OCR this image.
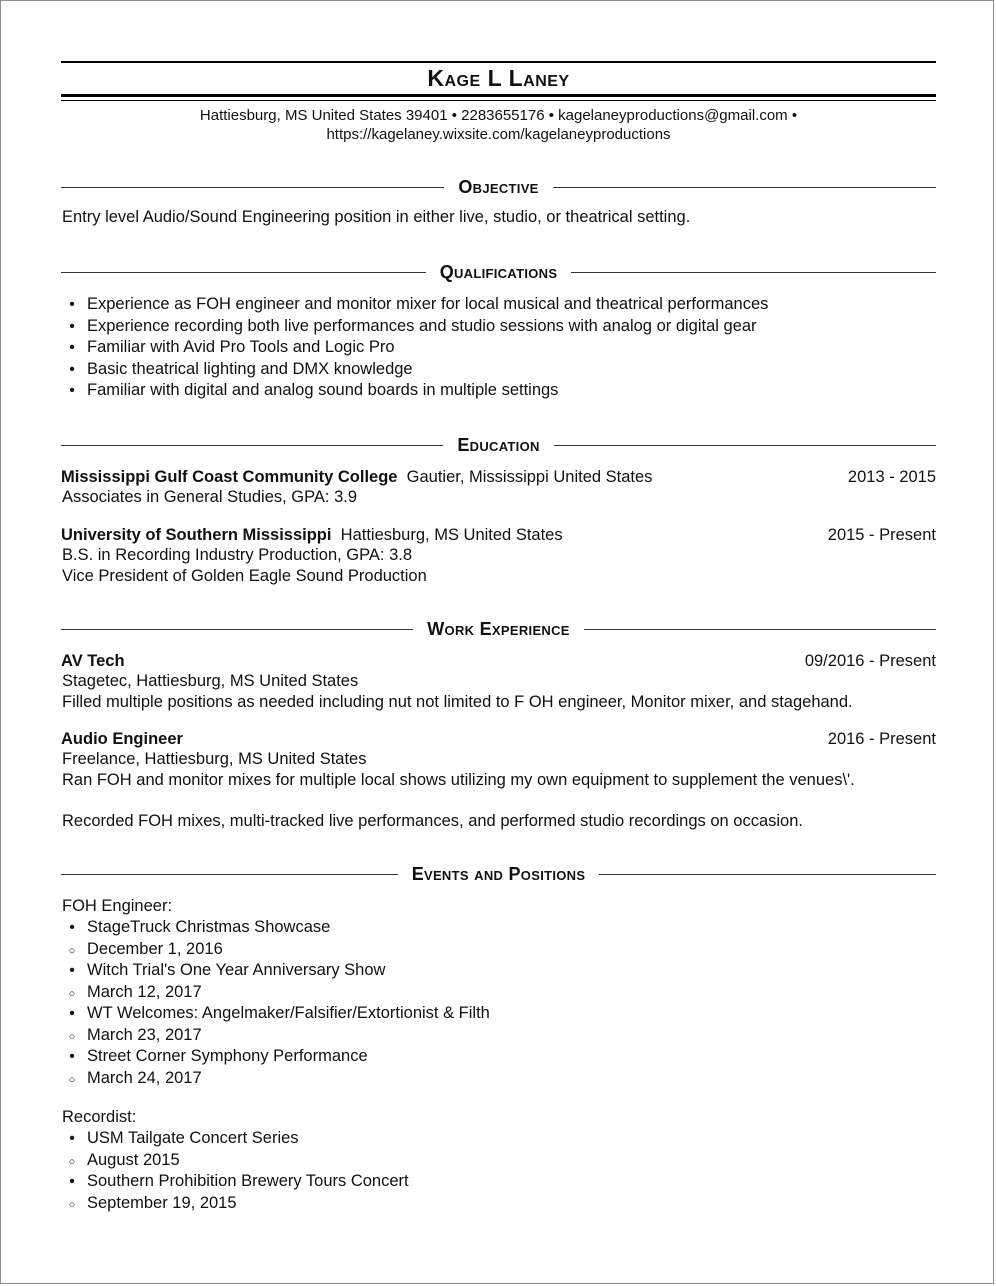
Kage L Laney
Hattiesburg, MS United States 39401 • 2283655176 • kagelaneyproductions@gmail.com •
https://kagelaney.wixsite.com/kagelaneyproductions
Objective
Entry level Audio/Sound Engineering position in either live, studio, or theatrical setting.
Qualifications
•
Experience as FOH engineer and monitor mixer for local musical and theatrical performances
•
Experience recording both live performances and studio sessions with analog or digital gear
•
Familiar with Avid Pro Tools and Logic Pro
•
Basic theatrical lighting and DMX knowledge
•
Familiar with digital and analog sound boards in multiple settings
Education
Mississippi Gulf Coast Community College Gautier, Mississippi United States	2013 - 2015
Associates in General Studies, GPA: 3.9
University of Southern Mississippi Hattiesburg, MS United States	2015 - Present
B.S. in Recording Industry Production, GPA: 3.8
Vice President of Golden Eagle Sound Production
Work Experience
AV Tech	09/2016 - Present
Stagetec, Hattiesburg, MS United States
Filled multiple positions as needed including nut not limited to F OH engineer, Monitor mixer, and stagehand.
Audio Engineer	2016 - Present
Freelance, Hattiesburg, MS United States
Ran FOH and monitor mixes for multiple local shows utilizing my own equipment to supplement the venues\'.
Recorded FOH mixes, multi-tracked live performances, and performed studio recordings on occasion.
Events and Positions
FOH Engineer:
•
StageTruck Christmas Showcase
○
December 1, 2016
•
Witch Trial's One Year Anniversary Show
○
March 12, 2017
•
WT Welcomes: Angelmaker/Falsifier/Extortionist & Filth
○
March 23, 2017
•
Street Corner Symphony Performance
○
March 24, 2017
Recordist:
•
USM Tailgate Concert Series
○
August 2015
•
Southern Prohibition Brewery Tours Concert
○
September 19, 2015
